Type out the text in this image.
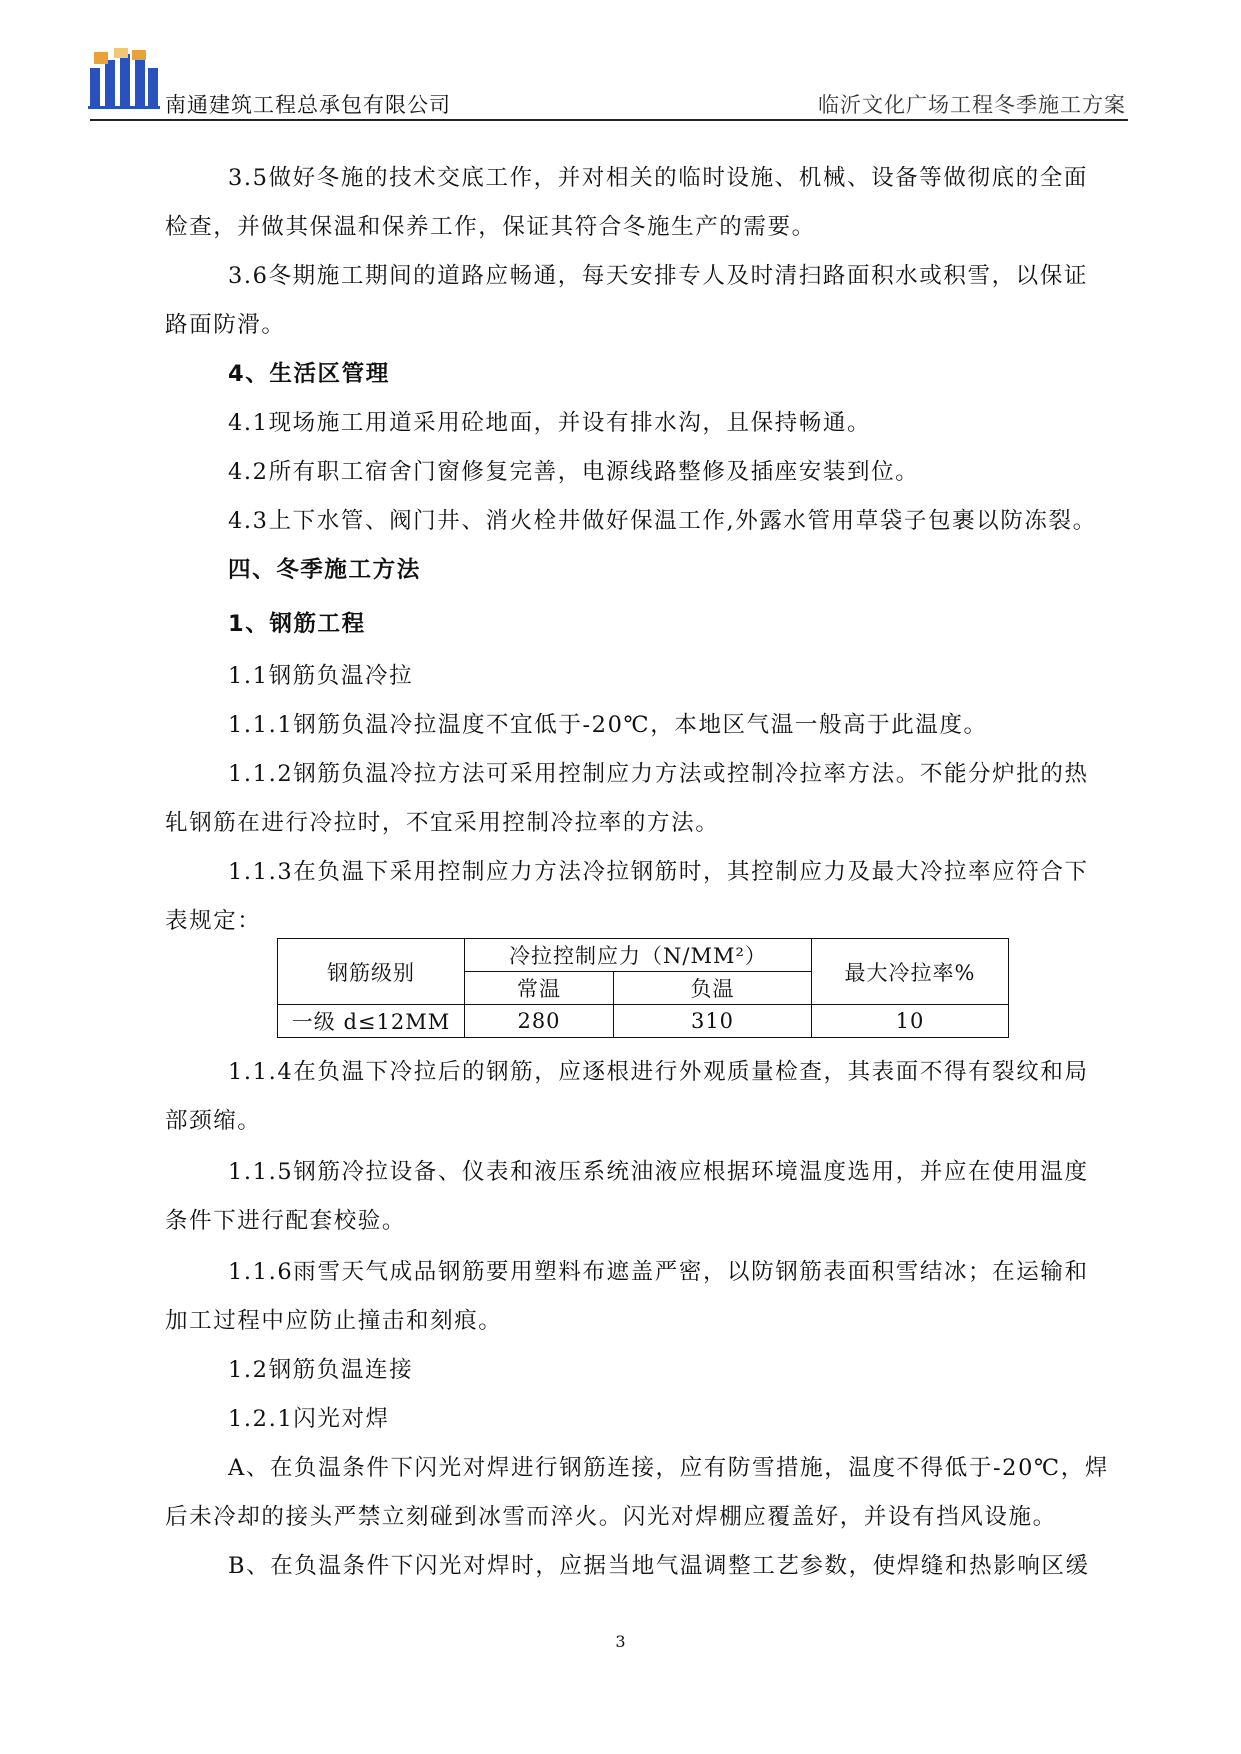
南通建筑工程总承包有限公司	临沂文化广场工程冬季施工方案
3.5做好冬施的技术交底工作，并对相关的临时设施、机械、设备等做彻底的全面
检查，并做其保温和保养工作，保证其符合冬施生产的需要。
3.6冬期施工期间的道路应畅通，每天安排专人及时清扫路面积水或积雪，以保证
路面防滑。
4、生活区管理
4.1现场施工用道采用砼地面，并设有排水沟，且保持畅通。
4.2所有职工宿舍门窗修复完善，电源线路整修及插座安装到位。
4.3上下水管、阀门井、消火栓井做好保温工作,外露水管用草袋子包裹以防冻裂。
四、冬季施工方法
1、钢筋工程
1.1钢筋负温冷拉
1.1.1钢筋负温冷拉温度不宜低于-20℃，本地区气温一般高于此温度。
1.1.2钢筋负温冷拉方法可采用控制应力方法或控制冷拉率方法。不能分炉批的热
轧钢筋在进行冷拉时，不宜采用控制冷拉率的方法。
1.1.3在负温下采用控制应力方法冷拉钢筋时，其控制应力及最大冷拉率应符合下
表规定：
钢筋级别	冷拉控制应力（N/MM²）		最大冷拉率%
	常温	负温	
一级 d≤12MM	280	310	10
1.1.4在负温下冷拉后的钢筋，应逐根进行外观质量检查，其表面不得有裂纹和局
部颈缩。
1.1.5钢筋冷拉设备、仪表和液压系统油液应根据环境温度选用，并应在使用温度
条件下进行配套校验。
1.1.6雨雪天气成品钢筋要用塑料布遮盖严密，以防钢筋表面积雪结冰；在运输和
加工过程中应防止撞击和刻痕。
1.2钢筋负温连接
1.2.1闪光对焊
A、在负温条件下闪光对焊进行钢筋连接，应有防雪措施，温度不得低于-20℃，焊
后未冷却的接头严禁立刻碰到冰雪而淬火。闪光对焊棚应覆盖好，并设有挡风设施。
B、在负温条件下闪光对焊时，应据当地气温调整工艺参数，使焊缝和热影响区缓
3
